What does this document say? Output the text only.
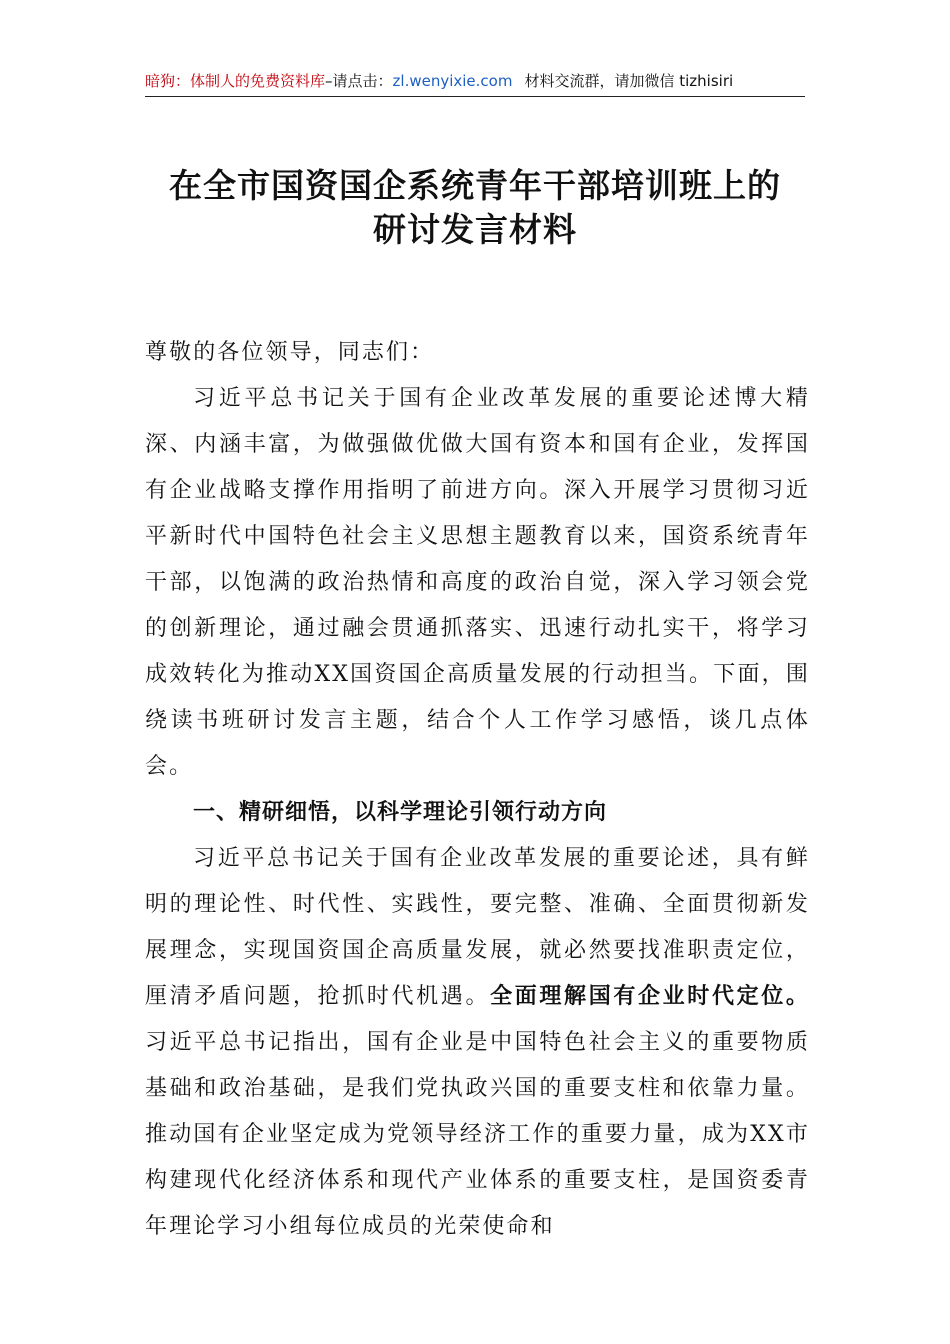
暗狗：体制人的免费资料库–请点击：zl.wenyixie.com 材料交流群，请加微信 tizhisiri
在全市国资国企系统青年干部培训班上的
研讨发言材料

尊敬的各位领导，同志们：

习近平总书记关于国有企业改革发展的重要论述博大精深、内涵丰富，为做强做优做大国有资本和国有企业，发挥国有企业战略支撑作用指明了前进方向。深入开展学习贯彻习近平新时代中国特色社会主义思想主题教育以来，国资系统青年干部，以饱满的政治热情和高度的政治自觉，深入学习领会党的创新理论，通过融会贯通抓落实、迅速行动扎实干，将学习成效转化为推动XX国资国企高质量发展的行动担当。下面，围绕读书班研讨发言主题，结合个人工作学习感悟，谈几点体会。

一、精研细悟，以科学理论引领行动方向

习近平总书记关于国有企业改革发展的重要论述，具有鲜明的理论性、时代性、实践性，要完整、准确、全面贯彻新发展理念，实现国资国企高质量发展，就必然要找准职责定位，厘清矛盾问题，抢抓时代机遇。全面理解国有企业时代定位。习近平总书记指出，国有企业是中国特色社会主义的重要物质基础和政治基础，是我们党执政兴国的重要支柱和依靠力量。推动国有企业坚定成为党领导经济工作的重要力量，成为XX市构建现代化经济体系和现代产业体系的重要支柱，是国资委青年理论学习小组每位成员的光荣使命和
